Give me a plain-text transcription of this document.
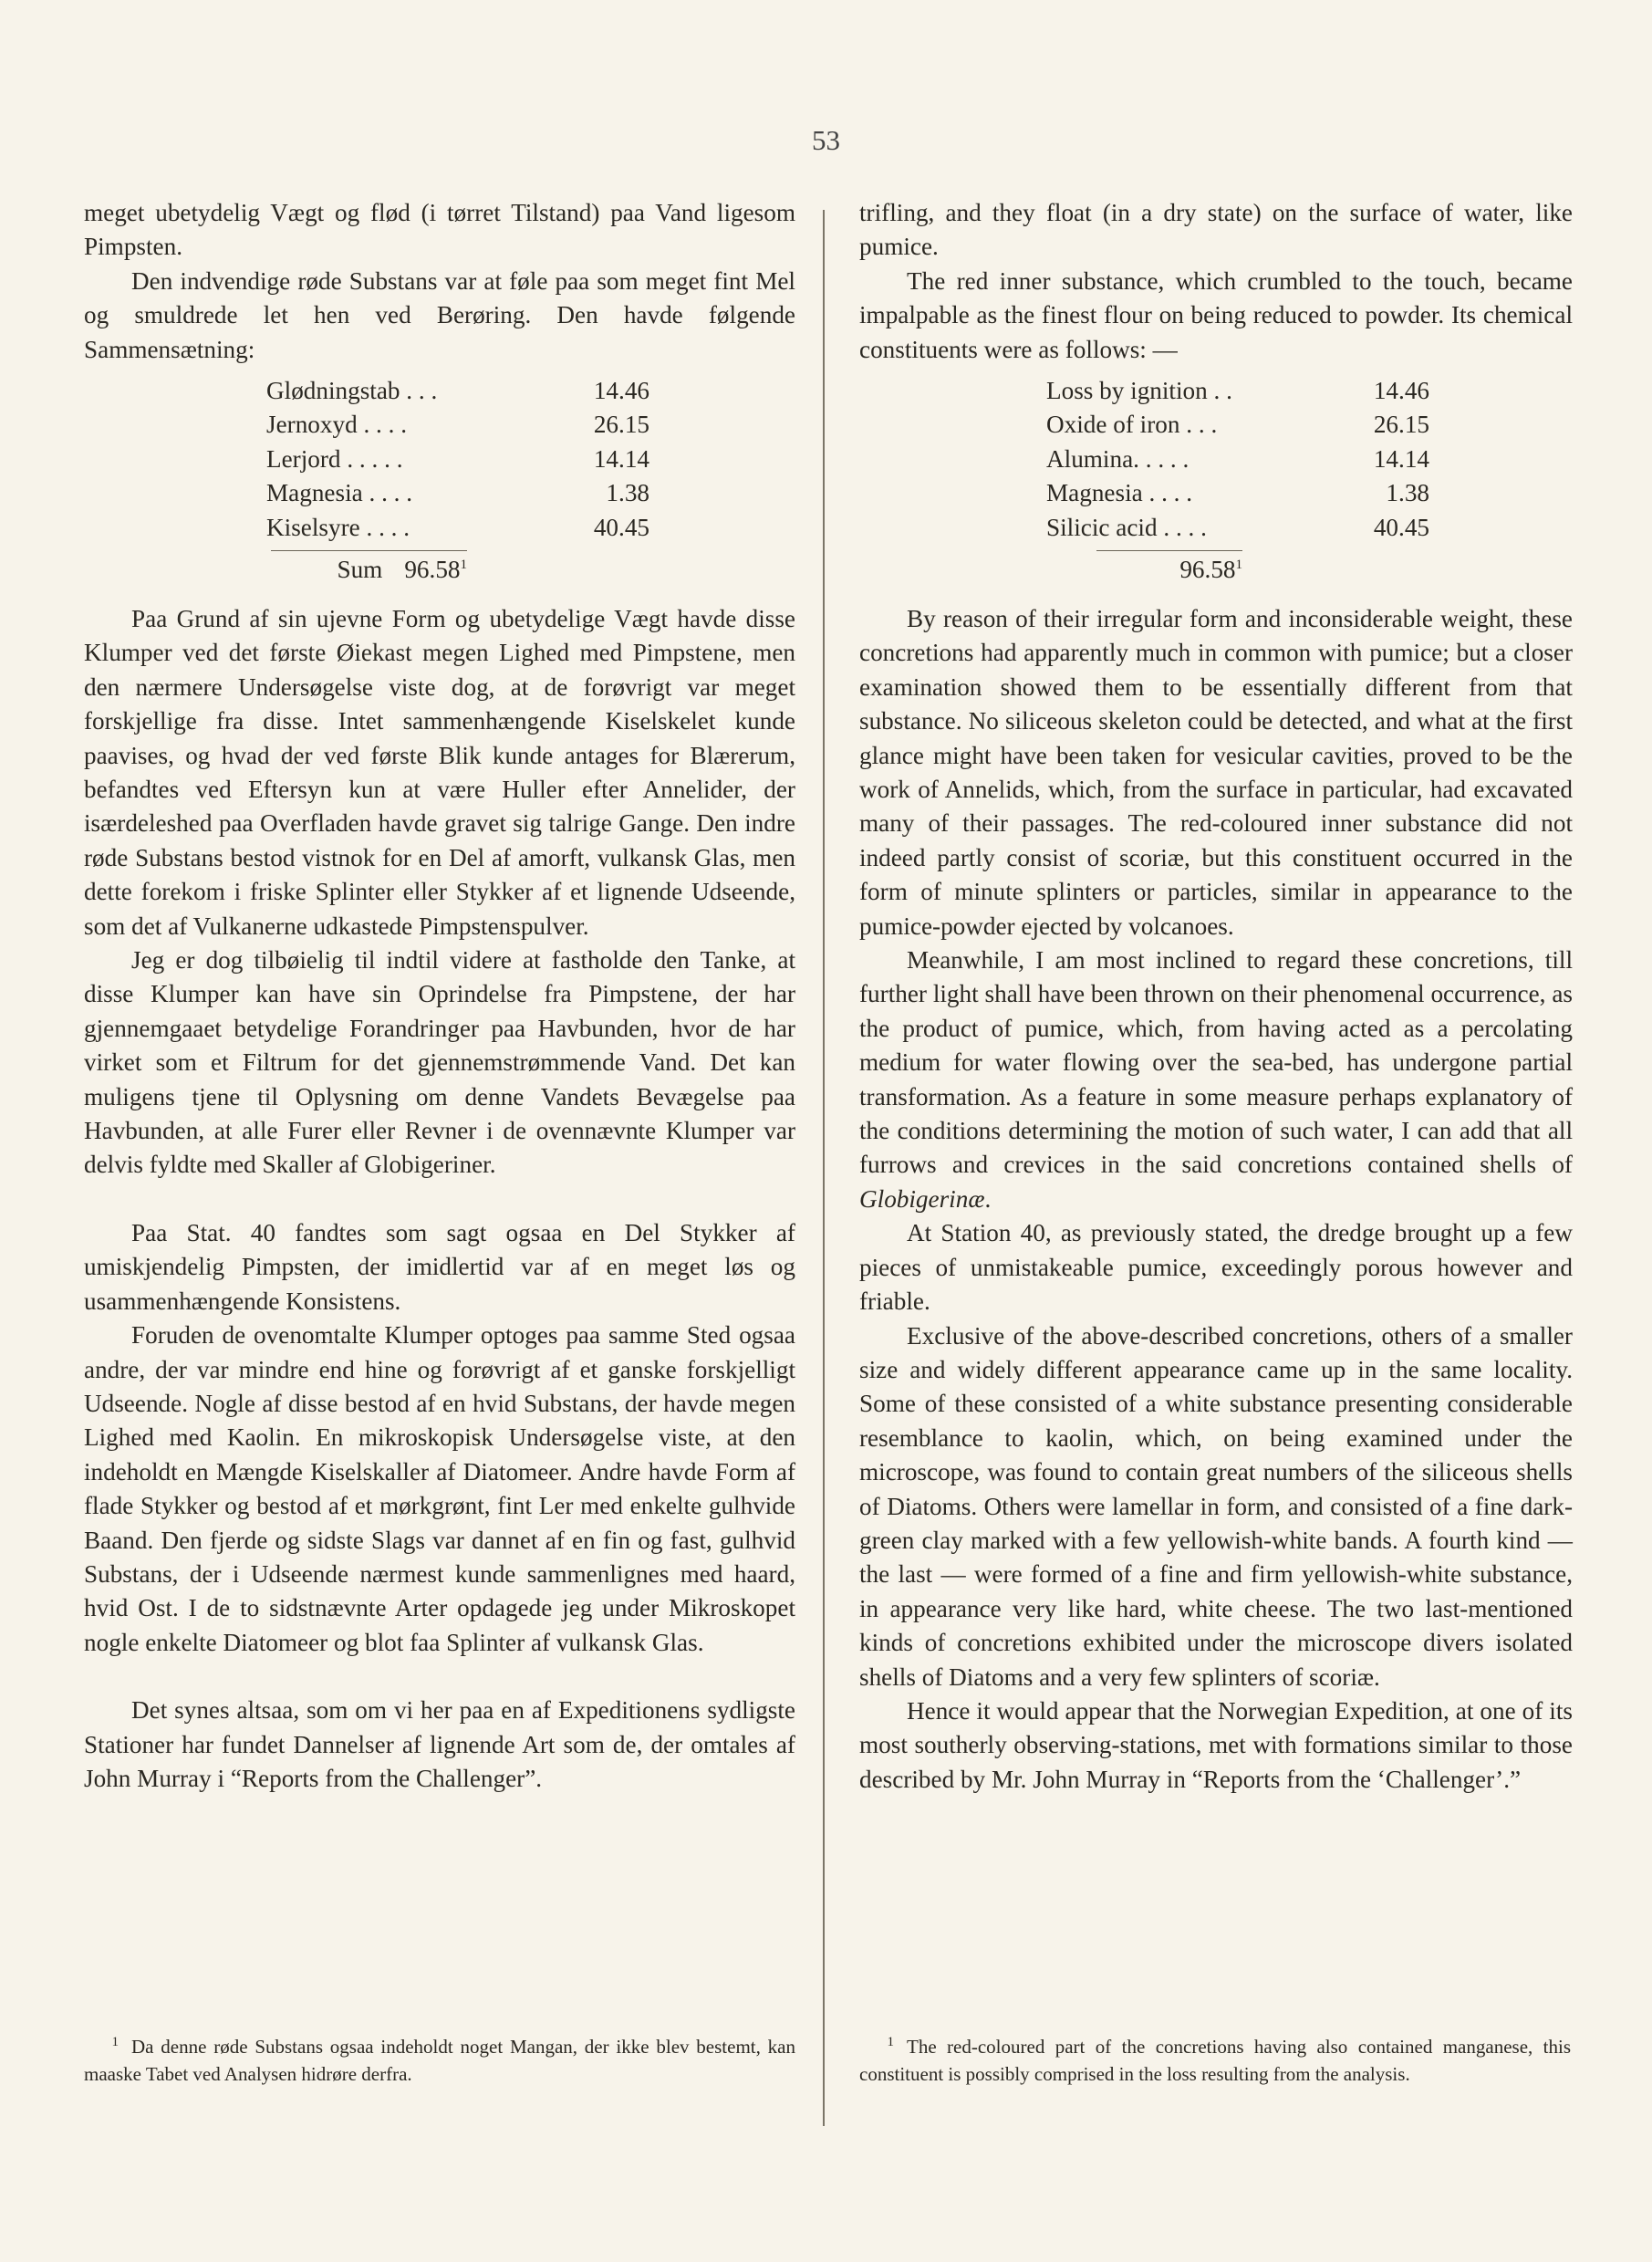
53

meget ubetydelig Vægt og flød (i tørret Tilstand) paa Vand ligesom Pimpsten.

Den indvendige røde Substans var at føle paa som meget fint Mel og smuldrede let hen ved Berøring. Den havde følgende Sammensætning:

Glødningstab . . .	14.46
Jernoxyd . . . .	26.15
Lerjord . . . . .	14.14
Magnesia . . . .	1.38
Kiselsyre . . . .	40.45
Sum 96.58$^1$

Paa Grund af sin ujevne Form og ubetydelige Vægt havde disse Klumper ved det første Øiekast megen Lighed med Pimpstene, men den nærmere Undersøgelse viste dog, at de forøvrigt var meget forskjellige fra disse. Intet sammenhængende Kiselskelet kunde paavises, og hvad der ved første Blik kunde antages for Blærerum, befandtes ved Eftersyn kun at være Huller efter Annelider, der isærdeleshed paa Overfladen havde gravet sig talrige Gange. Den indre røde Substans bestod vistnok for en Del af amorft, vulkansk Glas, men dette forekom i friske Splinter eller Stykker af et lignende Udseende, som det af Vulkanerne udkastede Pimpstenspulver.

Jeg er dog tilbøielig til indtil videre at fastholde den Tanke, at disse Klumper kan have sin Oprindelse fra Pimpstene, der har gjennemgaaet betydelige Forandringer paa Havbunden, hvor de har virket som et Filtrum for det gjennemstrømmende Vand. Det kan muligens tjene til Oplysning om denne Vandets Bevægelse paa Havbunden, at alle Furer eller Revner i de ovennævnte Klumper var delvis fyldte med Skaller af Globigeriner.

Paa Stat. 40 fandtes som sagt ogsaa en Del Stykker af umiskjendelig Pimpsten, der imidlertid var af en meget løs og usammenhængende Konsistens.

Foruden de ovenomtalte Klumper optoges paa samme Sted ogsaa andre, der var mindre end hine og forøvrigt af et ganske forskjelligt Udseende. Nogle af disse bestod af en hvid Substans, der havde megen Lighed med Kaolin. En mikroskopisk Undersøgelse viste, at den indeholdt en Mængde Kiselskaller af Diatomeer. Andre havde Form af flade Stykker og bestod af et mørkgrønt, fint Ler med enkelte gulhvide Baand. Den fjerde og sidste Slags var dannet af en fin og fast, gulhvid Substans, der i Udseende nærmest kunde sammenlignes med haard, hvid Ost. I de to sidstnævnte Arter opdagede jeg under Mikroskopet nogle enkelte Diatomeer og blot faa Splinter af vulkansk Glas.

Det synes altsaa, som om vi her paa en af Expeditionens sydligste Stationer har fundet Dannelser af lignende Art som de, der omtales af John Murray i “Reports from the Challenger”.

trifling, and they float (in a dry state) on the surface of water, like pumice.

The red inner substance, which crumbled to the touch, became impalpable as the finest flour on being reduced to powder. Its chemical constituents were as follows: —

Loss by ignition . .	14.46
Oxide of iron . . .	26.15
Alumina. . . . .	14.14
Magnesia . . . .	1.38
Silicic acid . . . .	40.45
96.58$^1$

By reason of their irregular form and inconsiderable weight, these concretions had apparently much in common with pumice; but a closer examination showed them to be essentially different from that substance. No siliceous skeleton could be detected, and what at the first glance might have been taken for vesicular cavities, proved to be the work of Annelids, which, from the surface in particular, had excavated many of their passages. The red-coloured inner substance did not indeed partly consist of scoriæ, but this constituent occurred in the form of minute splinters or particles, similar in appearance to the pumice-powder ejected by volcanoes.

Meanwhile, I am most inclined to regard these concretions, till further light shall have been thrown on their phenomenal occurrence, as the product of pumice, which, from having acted as a percolating medium for water flowing over the sea-bed, has undergone partial transformation. As a feature in some measure perhaps explanatory of the conditions determining the motion of such water, I can add that all furrows and crevices in the said concretions contained shells of Globigerinæ.

At Station 40, as previously stated, the dredge brought up a few pieces of unmistakeable pumice, exceedingly porous however and friable.

Exclusive of the above-described concretions, others of a smaller size and widely different appearance came up in the same locality. Some of these consisted of a white substance presenting considerable resemblance to kaolin, which, on being examined under the microscope, was found to contain great numbers of the siliceous shells of Diatoms. Others were lamellar in form, and consisted of a fine dark-green clay marked with a few yellowish-white bands. A fourth kind — the last — were formed of a fine and firm yellowish-white substance, in appearance very like hard, white cheese. The two last-mentioned kinds of concretions exhibited under the microscope divers isolated shells of Diatoms and a very few splinters of scoriæ.

Hence it would appear that the Norwegian Expedition, at one of its most southerly observing-stations, met with formations similar to those described by Mr. John Murray in “Reports from the ‘Challenger’.”

$^1$ Da denne røde Substans ogsaa indeholdt noget Mangan, der ikke blev bestemt, kan maaske Tabet ved Analysen hidrøre derfra.
$^1$ The red-coloured part of the concretions having also contained manganese, this constituent is possibly comprised in the loss resulting from the analysis.
